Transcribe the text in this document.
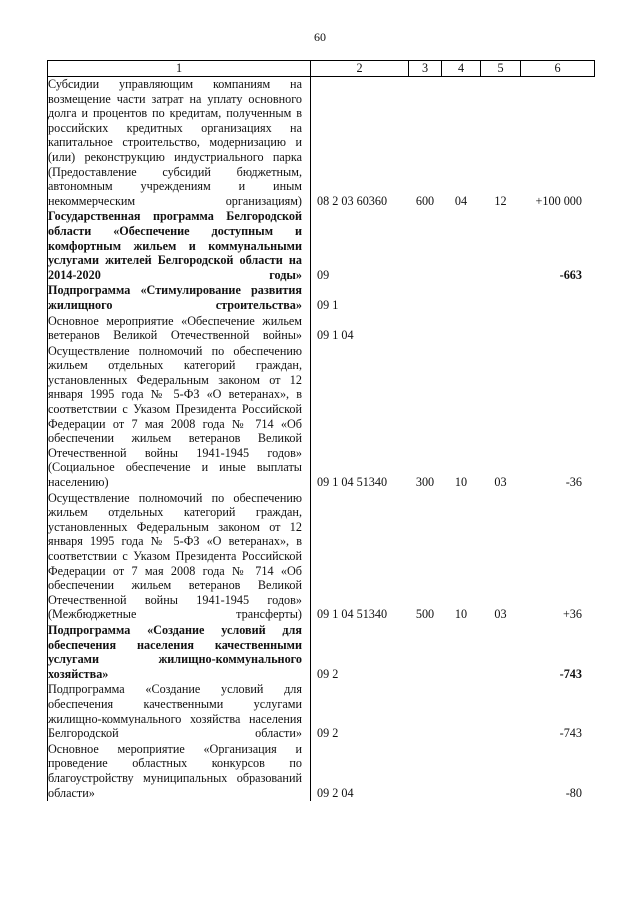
60
1	2	3	4	5	6
Субсидии управляющим компаниям на возмещение части затрат на уплату основного долга и процентов по кредитам, полученным в российских кредитных организациях на капитальное строительство, модернизацию и (или) реконструкцию индустриального парка (Предоставление субсидий бюджетным, автономным учреждениям и иным некоммерческим организациям)	08 2 03 60360	600	04	12	+100 000
Государственная программа Белгородской области «Обеспечение доступным и комфортным жильем и коммунальными услугами жителей Белгородской области на 2014-2020 годы»	09				-663
Подпрограмма «Стимулирование развития жилищного строительства»	09 1				
Основное мероприятие «Обеспечение жильем ветеранов Великой Отечественной войны»	09 1 04				
Осуществление полномочий по обеспечению жильем отдельных категорий граждан, установленных Федеральным законом от 12 января 1995 года № 5-ФЗ «О ветеранах», в соответствии с Указом Президента Российской Федерации от 7 мая 2008 года № 714 «Об обеспечении жильем ветеранов Великой Отечественной войны 1941-1945 годов» (Социальное обеспечение и иные выплаты населению)	09 1 04 51340	300	10	03	-36
Осуществление полномочий по обеспечению жильем отдельных категорий граждан, установленных Федеральным законом от 12 января 1995 года № 5-ФЗ «О ветеранах», в соответствии с Указом Президента Российской Федерации от 7 мая 2008 года № 714 «Об обеспечении жильем ветеранов Великой Отечественной войны 1941-1945 годов» (Межбюджетные трансферты)	09 1 04 51340	500	10	03	+36
Подпрограмма «Создание условий для обеспечения населения качественными услугами жилищно-коммунального хозяйства»	09 2				-743
Подпрограмма «Создание условий для обеспечения качественными услугами жилищно-коммунального хозяйства населения Белгородской области»	09 2				-743
Основное мероприятие «Организация и проведение областных конкурсов по благоустройству муниципальных образований области»	09 2 04				-80
